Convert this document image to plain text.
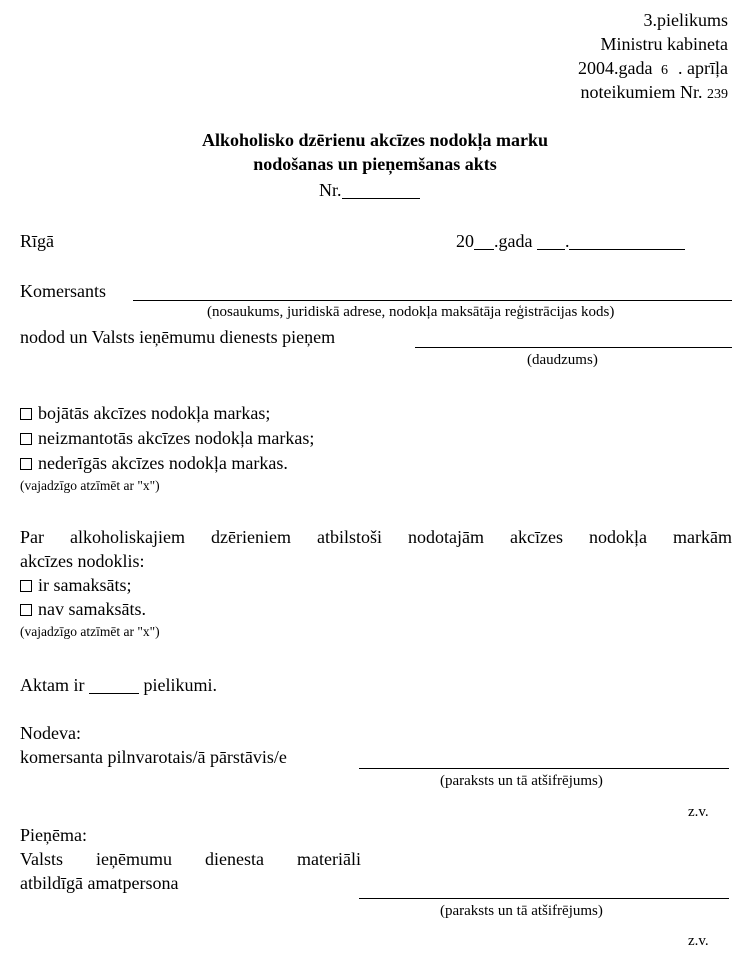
3.pielikums
Ministru kabineta
2004.gada 6 . aprīļa
noteikumiem Nr. 239
Alkoholisko dzērienu akcīzes nodokļa marku
nodošanas un pieņemšanas akts
Nr.
Rīgā	20 .gada .
Komersants
(nosaukums, juridiskā adrese, nodokļa maksātāja reģistrācijas kods)
nodod un Valsts ieņēmumu dienests pieņem
(daudzums)
bojātās akcīzes nodokļa markas;
neizmantotās akcīzes nodokļa markas;
nederīgās akcīzes nodokļa markas.
(vajadzīgo atzīmēt ar "x")
Par alkoholiskajiem dzērieniem atbilstoši nodotajām akcīzes nodokļa markām
akcīzes nodoklis:
ir samaksāts;
nav samaksāts.
(vajadzīgo atzīmēt ar "x")
Aktam ir	pielikumi.
Nodeva:
komersanta pilnvarotais/ā pārstāvis/e
(paraksts un tā atšifrējums)
z.v.
Pieņēma:
Valsts ieņēmumu dienesta materiāli
atbildīgā amatpersona
(paraksts un tā atšifrējums)
z.v.
